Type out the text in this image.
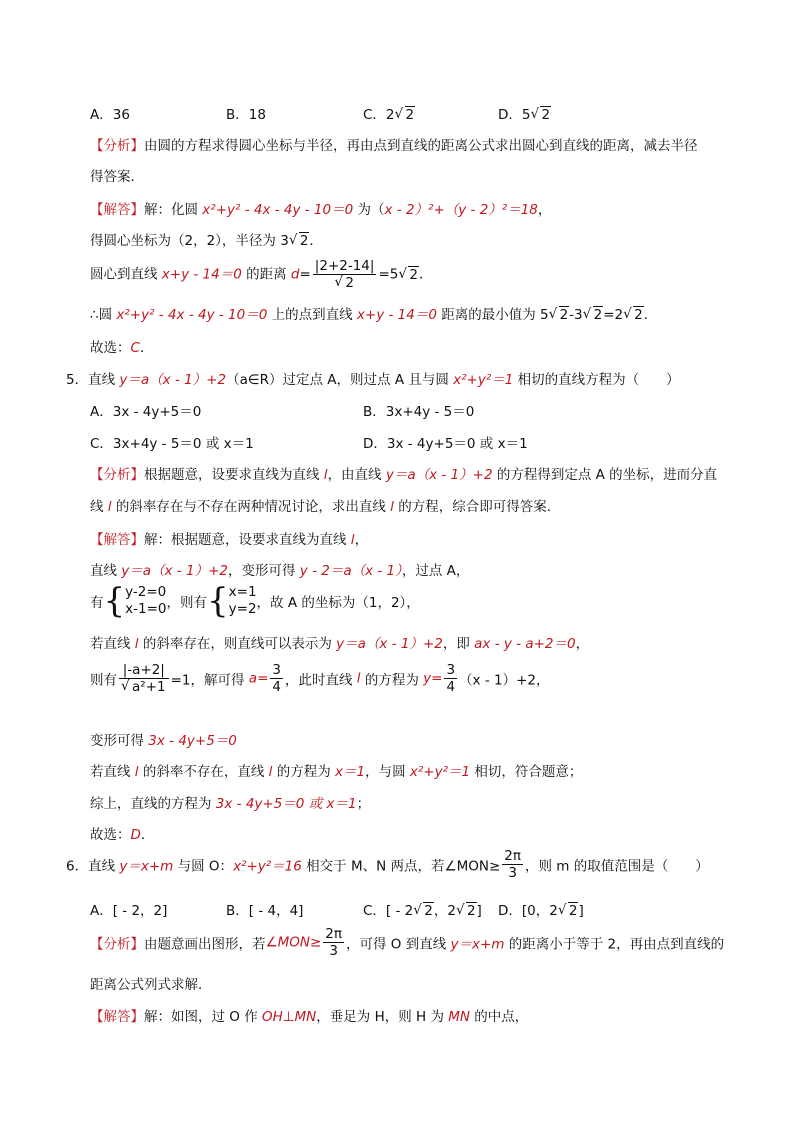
A．36	B．18	C．2 √ 2	D．5 √ 2
【分析】由圆的方程求得圆心坐标与半径，再由点到直线的距离公式求出圆心到直线的距离，减去半径
得答案．
【解答】解：化圆 x²+y² - 4x - 4y - 10＝0 为（x - 2）²+（y - 2）²＝18，
得圆心坐标为（2，2），半径为 3 √ 2．
圆心到直线 x+y - 14＝0 的距离 d= |2+2-14|
√ 2 =5 √ 2．
∴圆 x²+y² - 4x - 4y - 10＝0 上的点到直线 x+y - 14＝0 距离的最小值为 5 √ 2-3 √ 2=2 √ 2．
故选：C．
5．直线 y＝a（x - 1）+2（a∈R）过定点 A，则过点 A 且与圆 x²+y²＝1 相切的直线方程为（　　）
A．3x - 4y+5＝0	B．3x+4y - 5＝0
C．3x+4y - 5＝0 或 x＝1	D．3x - 4y+5＝0 或 x＝1
【分析】根据题意，设要求直线为直线 l，由直线 y＝a（x - 1）+2 的方程得到定点 A 的坐标，进而分直
线 l 的斜率存在与不存在两种情况讨论，求出直线 l 的方程，综合即可得答案．
【解答】解：根据题意，设要求直线为直线 l，
直线 y＝a（x - 1）+2，变形可得 y - 2＝a（x - 1），过点 A，
有{ y-2=0
x-1=0 ，则有{ x=1
y=2 ，故 A 的坐标为（1，2），
若直线 l 的斜率存在，则直线可以表示为 y＝a（x - 1）+2，即 ax - y - a+2＝0，
则有 |-a+2|
√ a²+1 =1，解可得 $a= \frac{3}{4}$ ，此时直线 l 的方程为 $y= \frac{3}{4} (x - 1)+2$，
变形可得 3x - 4y+5＝0
若直线 l 的斜率不存在，直线 l 的方程为 x＝1，与圆 x²+y²＝1 相切，符合题意；
综上，直线的方程为 3x - 4y+5＝0 或 x＝1；
故选：D．
6．直线 y＝x+m 与圆 O：x²+y²＝16 相交于 M、N 两点，若∠MON≥ $\frac{2\pi}{3}$ ，则 m 的取值范围是（　　）
A．[ - 2，2]	B．[ - 4，4]	C．[ - 2 √ 2，2 √ 2] D．[0，2 √ 2]
【分析】由题意画出图形，若∠MON≥ $\frac{2\pi}{3}$ ，可得 O 到直线 y＝x+m 的距离小于等于 2，再由点到直线的
距离公式列式求解．
【解答】解：如图，过 O 作 OH⊥MN，垂足为 H，则 H 为 MN 的中点，
